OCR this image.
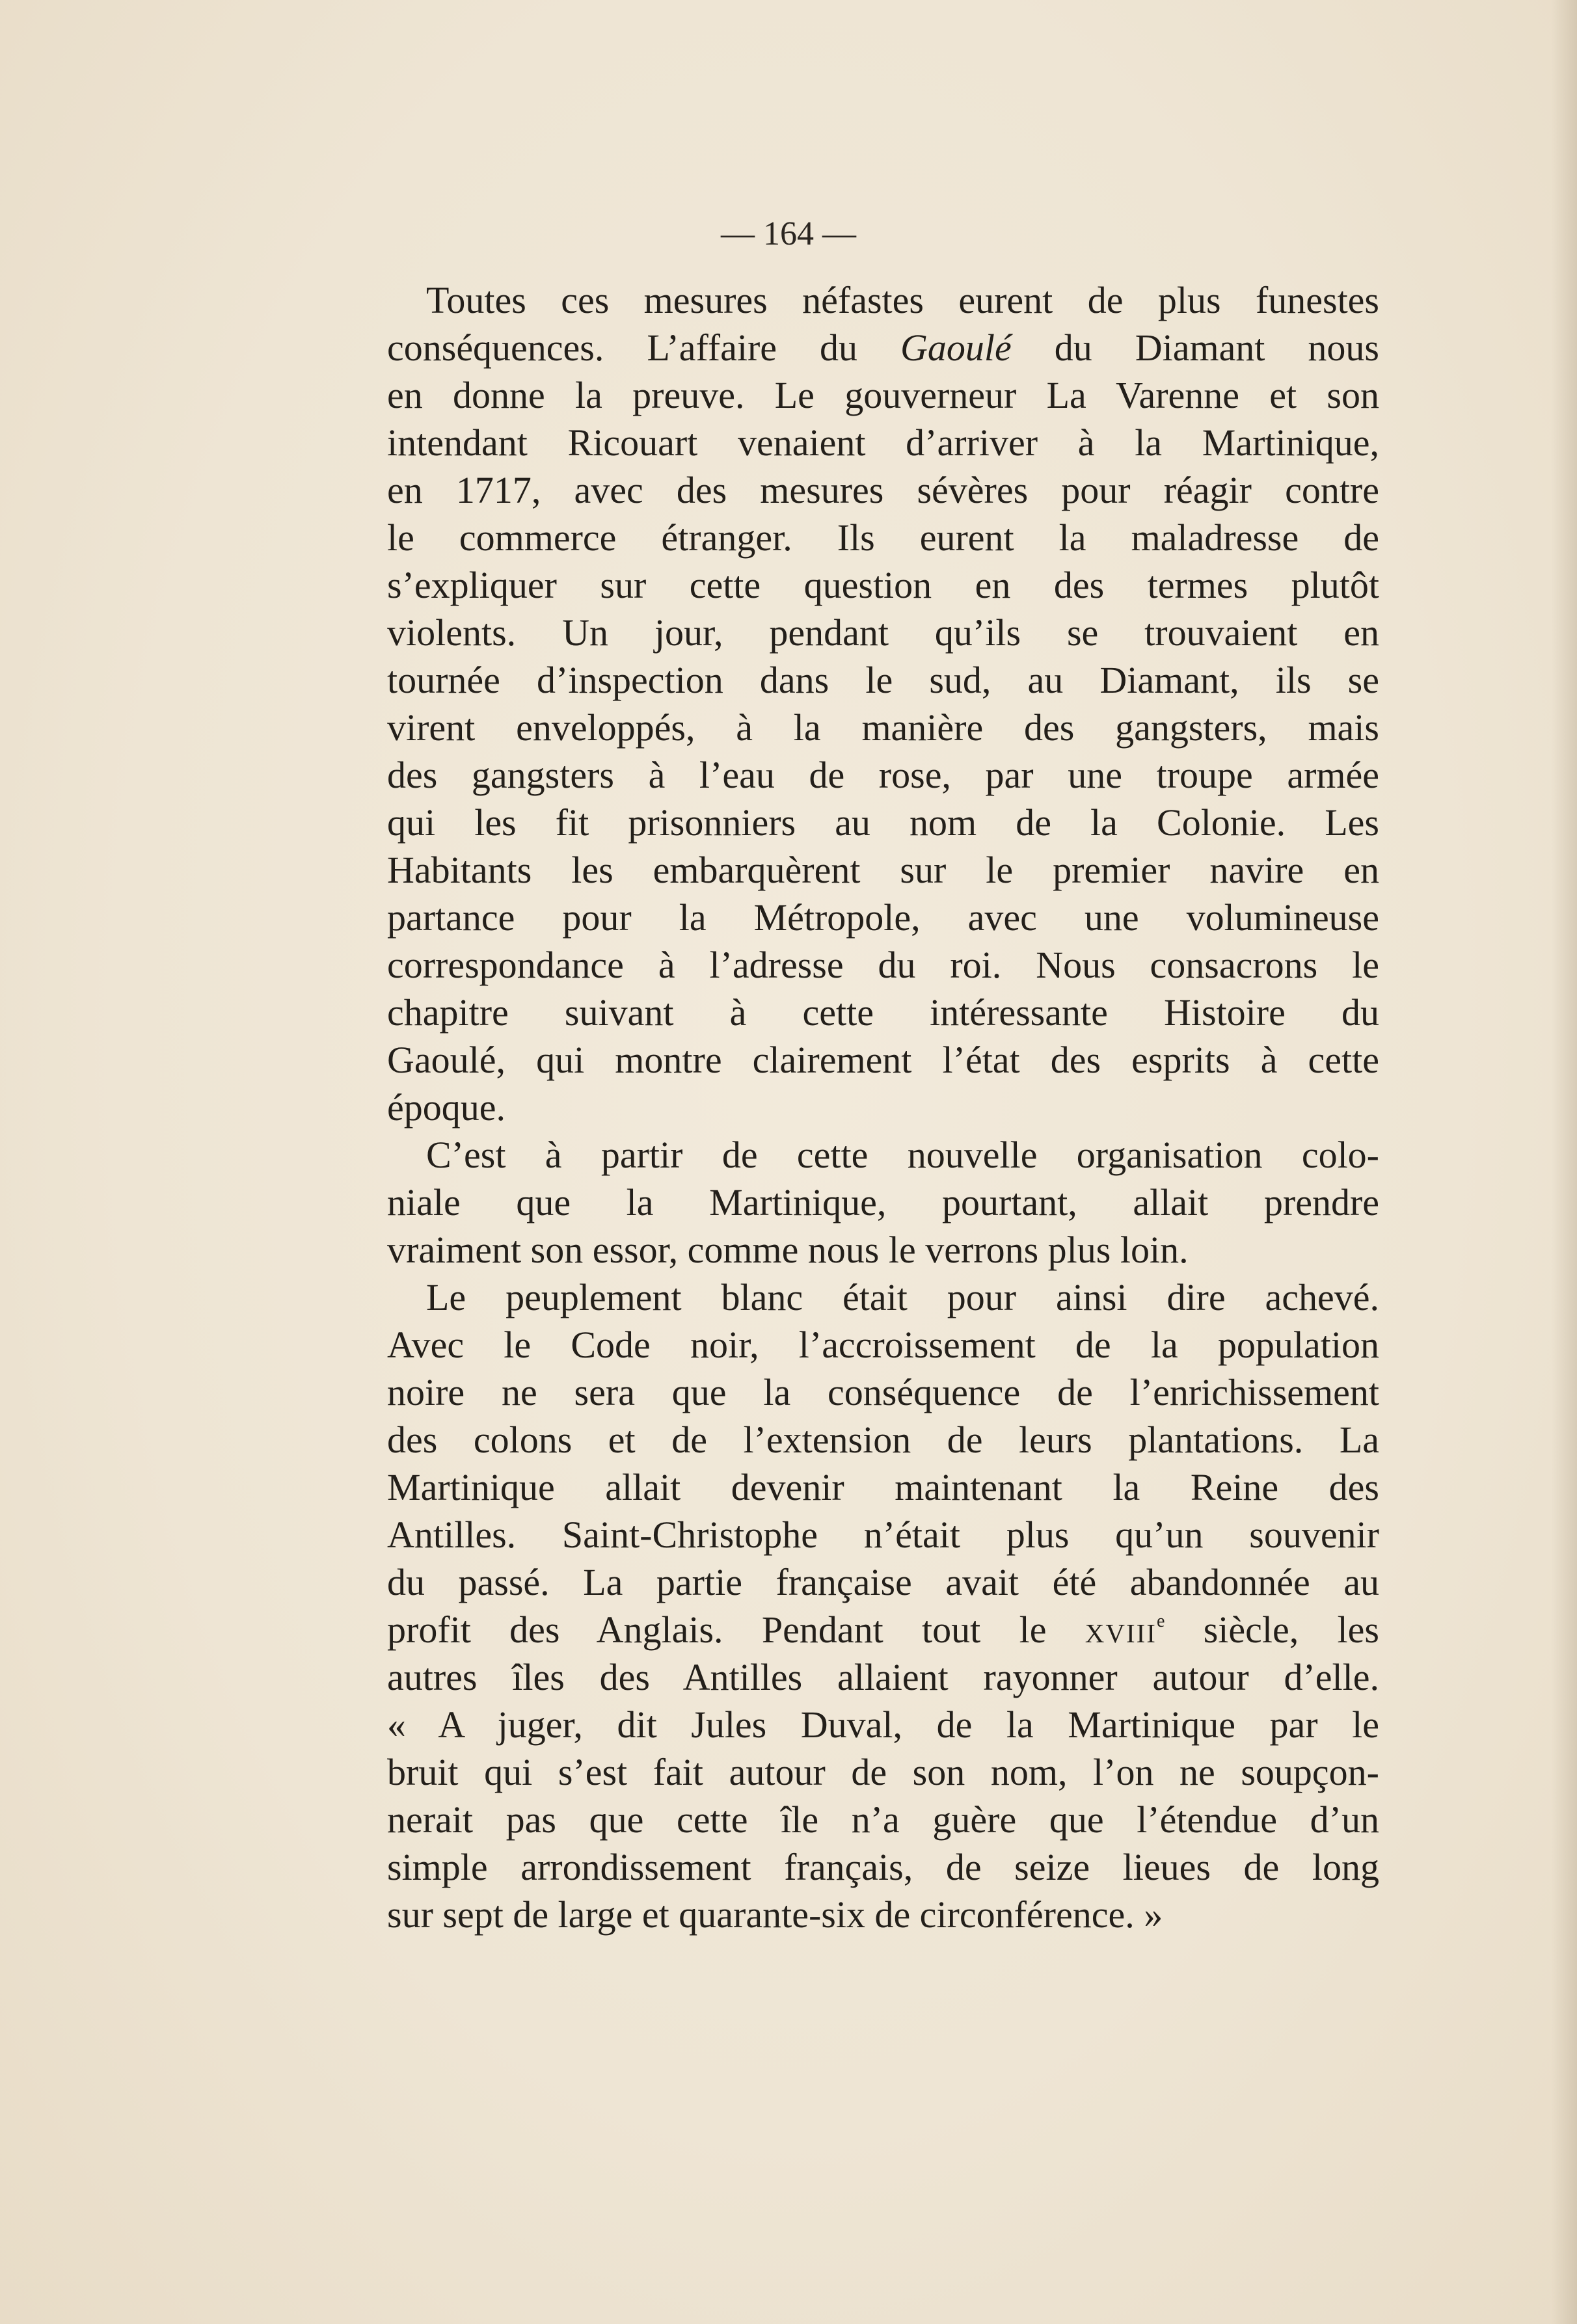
— 164 —

Toutes ces mesures néfastes eurent de plus funestes
conséquences. L’affaire du Gaoulé du Diamant nous
en donne la preuve. Le gouverneur La Varenne et son
intendant Ricouart venaient d’arriver à la Martinique,
en 1717, avec des mesures sévères pour réagir contre
le commerce étranger. Ils eurent la maladresse de
s’expliquer sur cette question en des termes plutôt
violents. Un jour, pendant qu’ils se trouvaient en
tournée d’inspection dans le sud, au Diamant, ils se
virent enveloppés, à la manière des gangsters, mais
des gangsters à l’eau de rose, par une troupe armée
qui les fit prisonniers au nom de la Colonie. Les
Habitants les embarquèrent sur le premier navire en
partance pour la Métropole, avec une volumineuse
correspondance à l’adresse du roi. Nous consacrons le
chapitre suivant à cette intéressante Histoire du
Gaoulé, qui montre clairement l’état des esprits à cette
époque.

C’est à partir de cette nouvelle organisation colo-
niale que la Martinique, pourtant, allait prendre
vraiment son essor, comme nous le verrons plus loin.

Le peuplement blanc était pour ainsi dire achevé.
Avec le Code noir, l’accroissement de la population
noire ne sera que la conséquence de l’enrichissement
des colons et de l’extension de leurs plantations. La
Martinique allait devenir maintenant la Reine des
Antilles. Saint-Christophe n’était plus qu’un souvenir
du passé. La partie française avait été abandonnée au
profit des Anglais. Pendant tout le xviii$^e$ siècle, les
autres îles des Antilles allaient rayonner autour d’elle.
« A juger, dit Jules Duval, de la Martinique par le
bruit qui s’est fait autour de son nom, l’on ne soupçon-
nerait pas que cette île n’a guère que l’étendue d’un
simple arrondissement français, de seize lieues de long
sur sept de large et quarante-six de circonférence. »
